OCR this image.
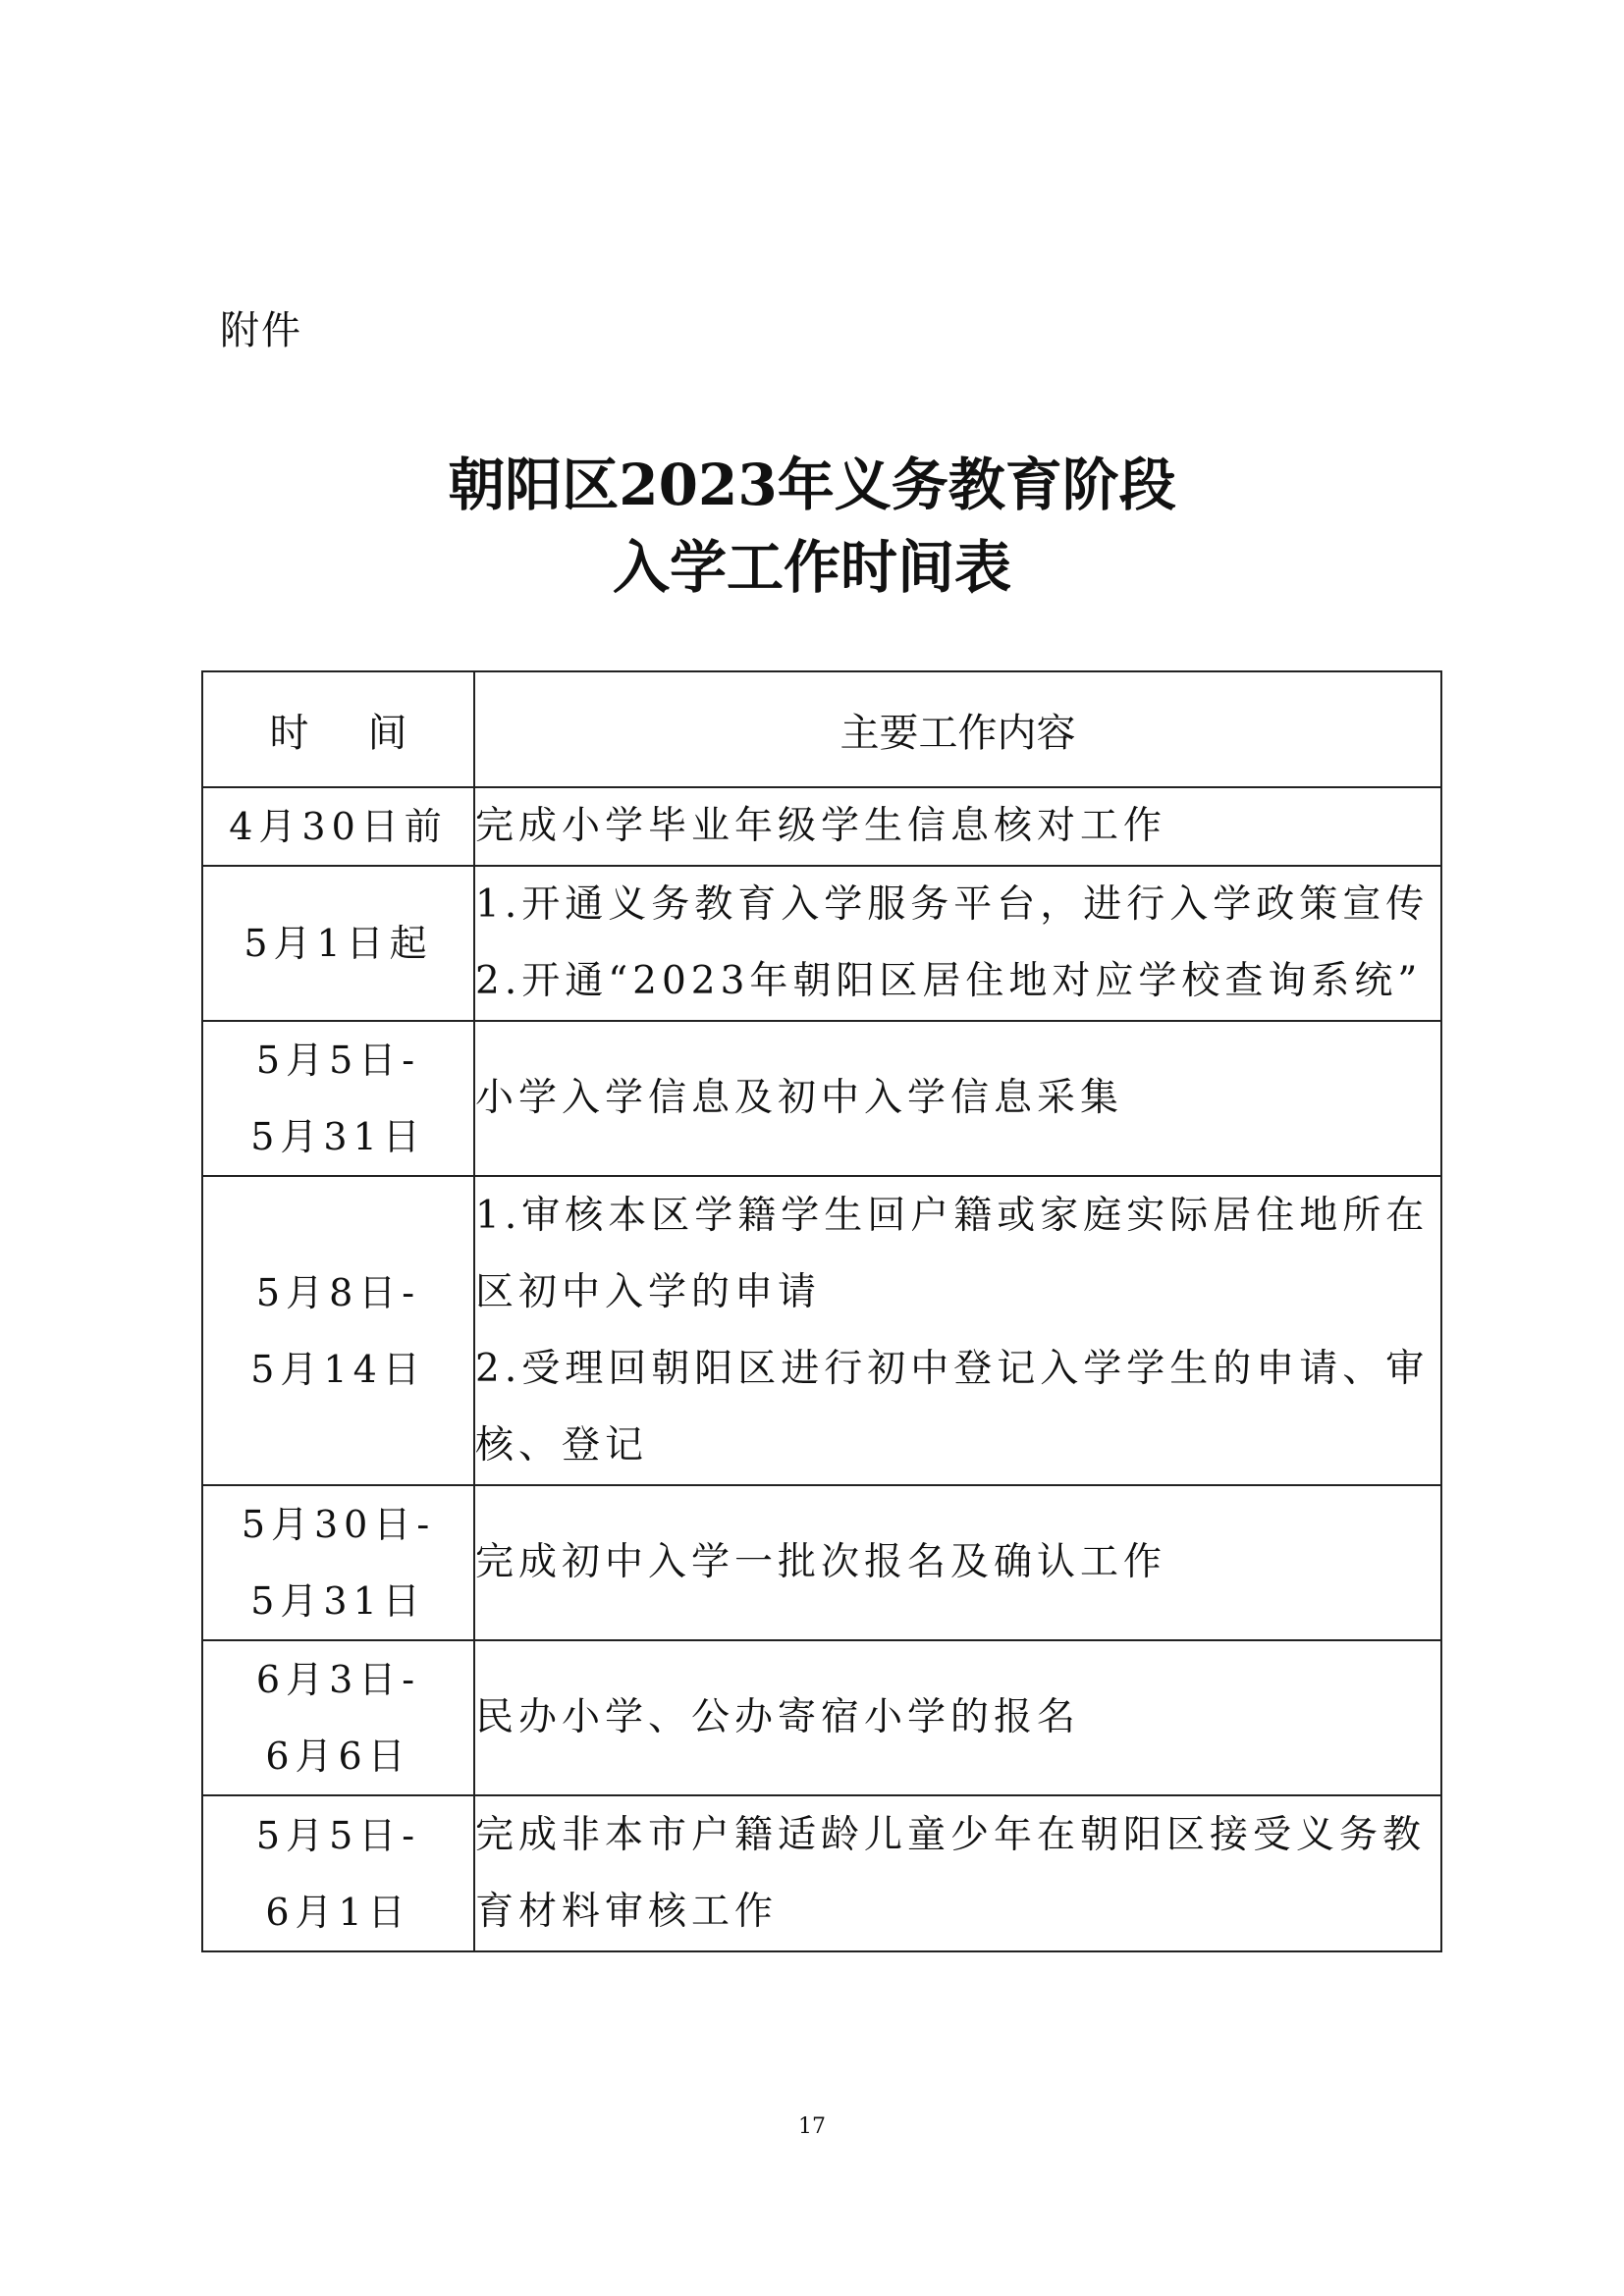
附件
朝阳区2023年义务教育阶段
入学工作时间表
时 间	主要工作内容

4月30日前	完成小学毕业年级学生信息核对工作

5月1日起	1.开通义务教育入学服务平台，进行入学政策宣传
2.开通“2023年朝阳区居住地对应学校查询系统”

5月5日-
5月31日	小学入学信息及初中入学信息采集

5月8日-
5月14日	1.审核本区学籍学生回户籍或家庭实际居住地所在区初中入学的申请
2.受理回朝阳区进行初中登记入学学生的申请、审核、登记

5月30日-
5月31日	完成初中入学一批次报名及确认工作

6月3日-
6月6日	民办小学、公办寄宿小学的报名

5月5日-
6月1日	完成非本市户籍适龄儿童少年在朝阳区接受义务教育材料审核工作
17
